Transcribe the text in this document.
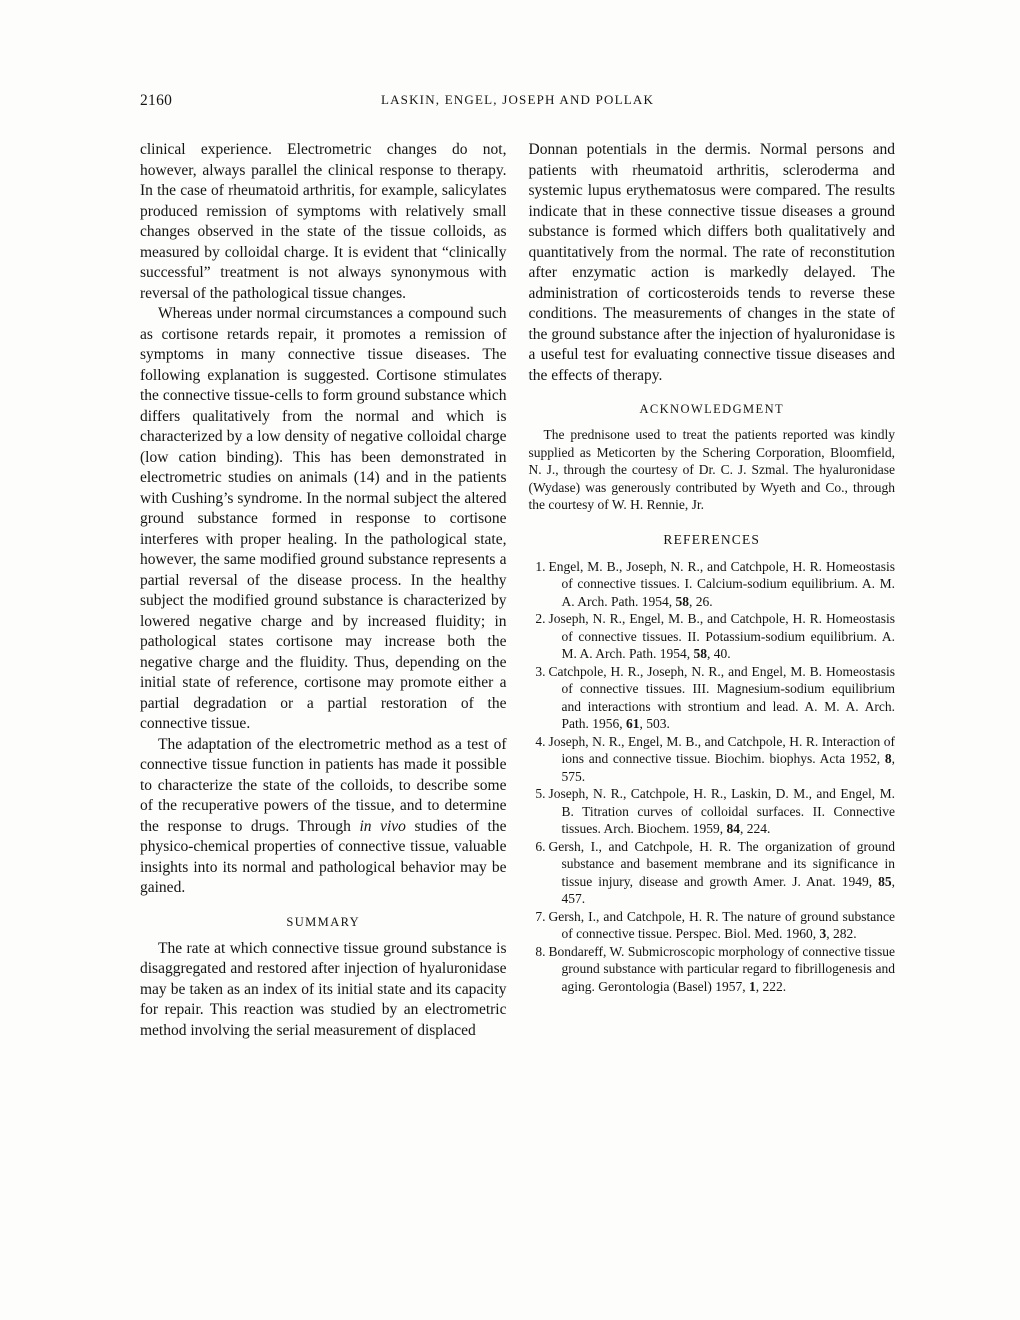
2160	LASKIN, ENGEL, JOSEPH AND POLLAK

clinical experience. Electrometric changes do not, however, always parallel the clinical response to therapy. In the case of rheumatoid arthritis, for example, salicylates produced remission of symptoms with relatively small changes observed in the state of the tissue colloids, as measured by colloidal charge. It is evident that “clinically successful” treatment is not always synonymous with reversal of the pathological tissue changes.

Whereas under normal circumstances a compound such as cortisone retards repair, it promotes a remission of symptoms in many connective tissue diseases. The following explanation is suggested. Cortisone stimulates the connective tissue-cells to form ground substance which differs qualitatively from the normal and which is characterized by a low density of negative colloidal charge (low cation binding). This has been demonstrated in electrometric studies on animals (14) and in the patients with Cushing’s syndrome. In the normal subject the altered ground substance formed in response to cortisone interferes with proper healing. In the pathological state, however, the same modified ground substance represents a partial reversal of the disease process. In the healthy subject the modified ground substance is characterized by lowered negative charge and by increased fluidity; in pathological states cortisone may increase both the negative charge and the fluidity. Thus, depending on the initial state of reference, cortisone may promote either a partial degradation or a partial restoration of the connective tissue.

The adaptation of the electrometric method as a test of connective tissue function in patients has made it possible to characterize the state of the colloids, to describe some of the recuperative powers of the tissue, and to determine the response to drugs. Through in vivo studies of the physico-chemical properties of connective tissue, valuable insights into its normal and pathological behavior may be gained.

SUMMARY

The rate at which connective tissue ground substance is disaggregated and restored after injection of hyaluronidase may be taken as an index of its initial state and its capacity for repair. This reaction was studied by an electrometric method involving the serial measurement of displaced

Donnan potentials in the dermis. Normal persons and patients with rheumatoid arthritis, scleroderma and systemic lupus erythematosus were compared. The results indicate that in these connective tissue diseases a ground substance is formed which differs both qualitatively and quantitatively from the normal. The rate of reconstitution after enzymatic action is markedly delayed. The administration of corticosteroids tends to reverse these conditions. The measurements of changes in the state of the ground substance after the injection of hyaluronidase is a useful test for evaluating connective tissue diseases and the effects of therapy.

ACKNOWLEDGMENT

The prednisone used to treat the patients reported was kindly supplied as Meticorten by the Schering Corporation, Bloomfield, N. J., through the courtesy of Dr. C. J. Szmal. The hyaluronidase (Wydase) was generously contributed by Wyeth and Co., through the courtesy of W. H. Rennie, Jr.

REFERENCES
1. Engel, M. B., Joseph, N. R., and Catchpole, H. R. Homeostasis of connective tissues. I. Calcium-sodium equilibrium. A. M. A. Arch. Path. 1954, 58, 26.
2. Joseph, N. R., Engel, M. B., and Catchpole, H. R. Homeostasis of connective tissues. II. Potassium-sodium equilibrium. A. M. A. Arch. Path. 1954, 58, 40.
3. Catchpole, H. R., Joseph, N. R., and Engel, M. B. Homeostasis of connective tissues. III. Magnesium-sodium equilibrium and interactions with strontium and lead. A. M. A. Arch. Path. 1956, 61, 503.
4. Joseph, N. R., Engel, M. B., and Catchpole, H. R. Interaction of ions and connective tissue. Biochim. biophys. Acta 1952, 8, 575.
5. Joseph, N. R., Catchpole, H. R., Laskin, D. M., and Engel, M. B. Titration curves of colloidal surfaces. II. Connective tissues. Arch. Biochem. 1959, 84, 224.
6. Gersh, I., and Catchpole, H. R. The organization of ground substance and basement membrane and its significance in tissue injury, disease and growth Amer. J. Anat. 1949, 85, 457.
7. Gersh, I., and Catchpole, H. R. The nature of ground substance of connective tissue. Perspec. Biol. Med. 1960, 3, 282.
8. Bondareff, W. Submicroscopic morphology of connective tissue ground substance with particular regard to fibrillogenesis and aging. Gerontologia (Basel) 1957, 1, 222.
